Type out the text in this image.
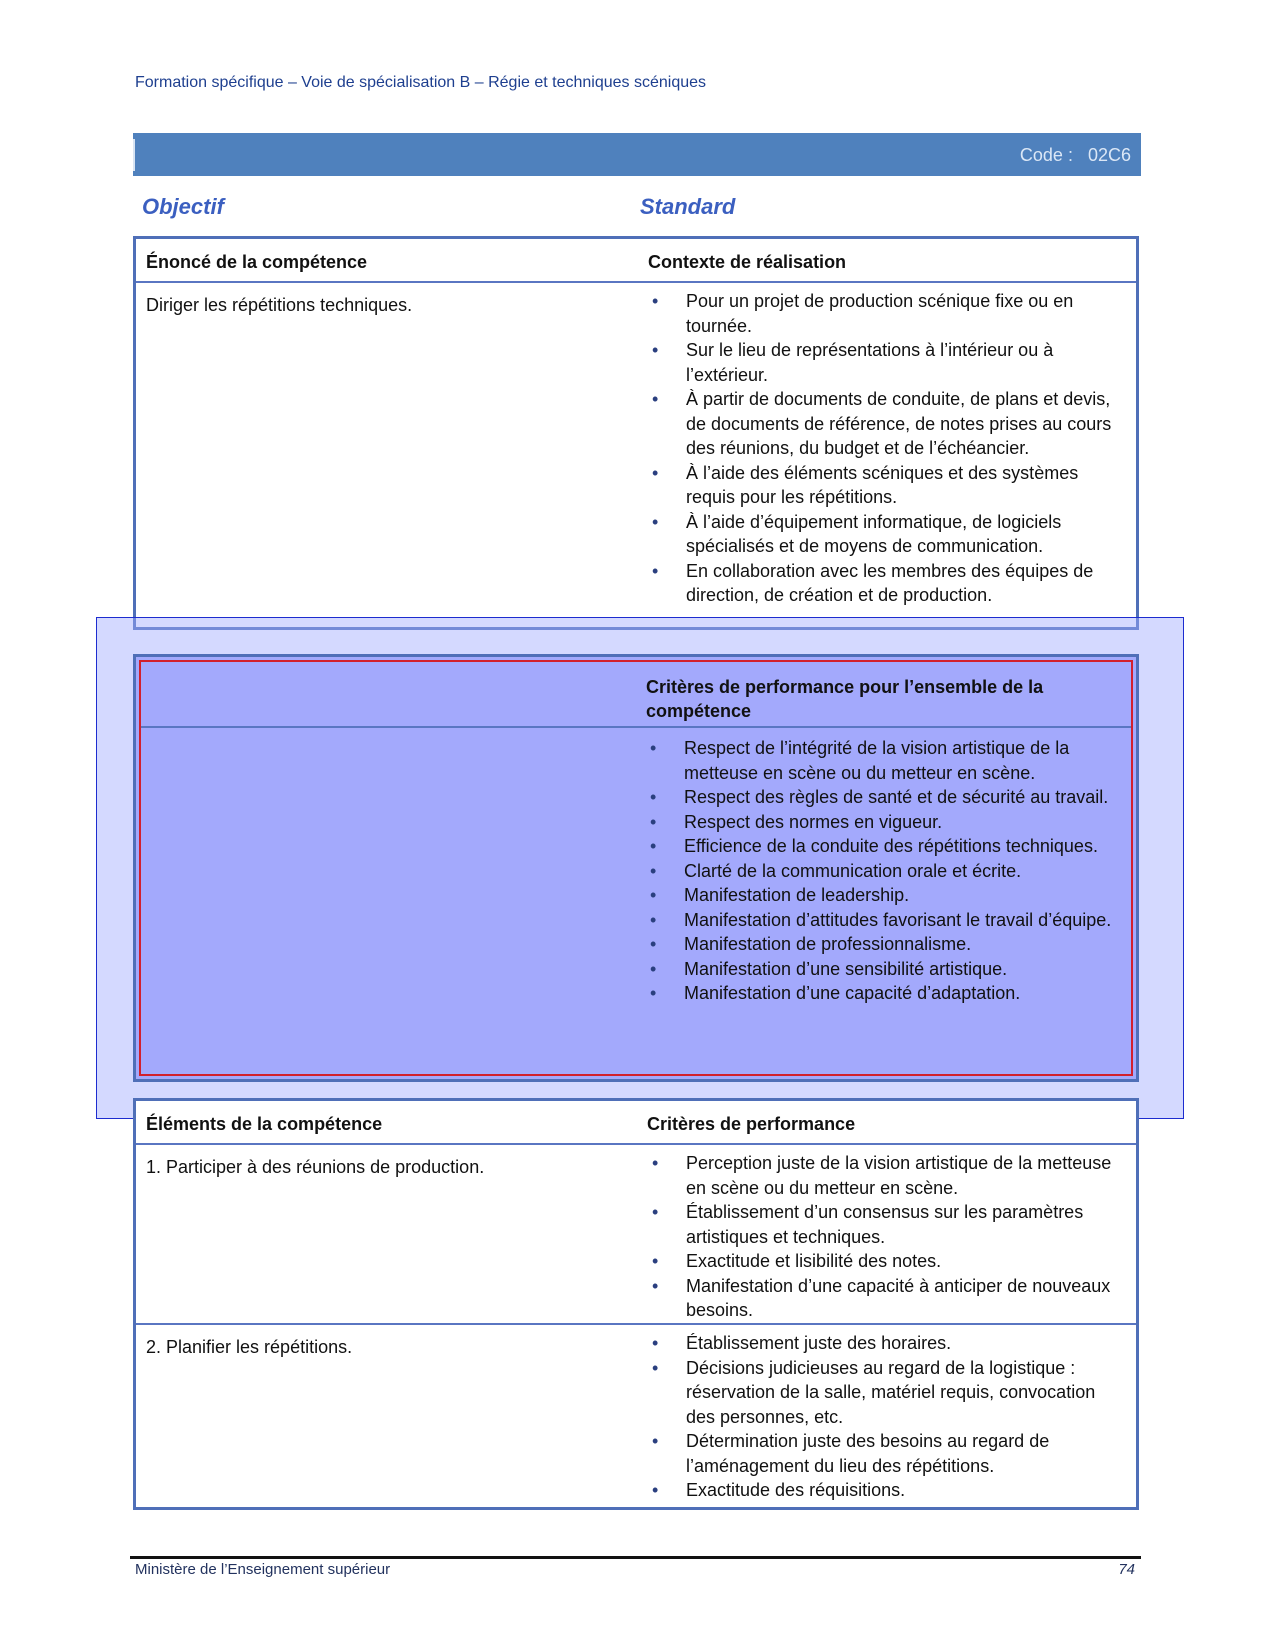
Formation spécifique – Voie de spécialisation B – Régie et techniques scéniques
Code : 02C6
Objectif	Standard
Énoncé de la compétence	Contexte de réalisation
Diriger les répétitions techniques.	• Pour un projet de production scénique fixe ou en tournée.
• Sur le lieu de représentations à l’intérieur ou à l’extérieur.
• À partir de documents de conduite, de plans et devis, de documents de référence, de notes prises au cours des réunions, du budget et de l’échéancier.
• À l’aide des éléments scéniques et des systèmes requis pour les répétitions.
• À l’aide d’équipement informatique, de logiciels spécialisés et de moyens de communication.
• En collaboration avec les membres des équipes de direction, de création et de production.
Critères de performance pour l’ensemble de la compétence
• Respect de l’intégrité de la vision artistique de la metteuse en scène ou du metteur en scène.
• Respect des règles de santé et de sécurité au travail.
• Respect des normes en vigueur.
• Efficience de la conduite des répétitions techniques.
• Clarté de la communication orale et écrite.
• Manifestation de leadership.
• Manifestation d’attitudes favorisant le travail d’équipe.
• Manifestation de professionnalisme.
• Manifestation d’une sensibilité artistique.
• Manifestation d’une capacité d’adaptation.
Éléments de la compétence	Critères de performance
1. Participer à des réunions de production.	• Perception juste de la vision artistique de la metteuse en scène ou du metteur en scène.
• Établissement d’un consensus sur les paramètres artistiques et techniques.
• Exactitude et lisibilité des notes.
• Manifestation d’une capacité à anticiper de nouveaux besoins.
2. Planifier les répétitions.	• Établissement juste des horaires.
• Décisions judicieuses au regard de la logistique : réservation de la salle, matériel requis, convocation des personnes, etc.
• Détermination juste des besoins au regard de l’aménagement du lieu des répétitions.
• Exactitude des réquisitions.
Ministère de l’Enseignement supérieur	74
